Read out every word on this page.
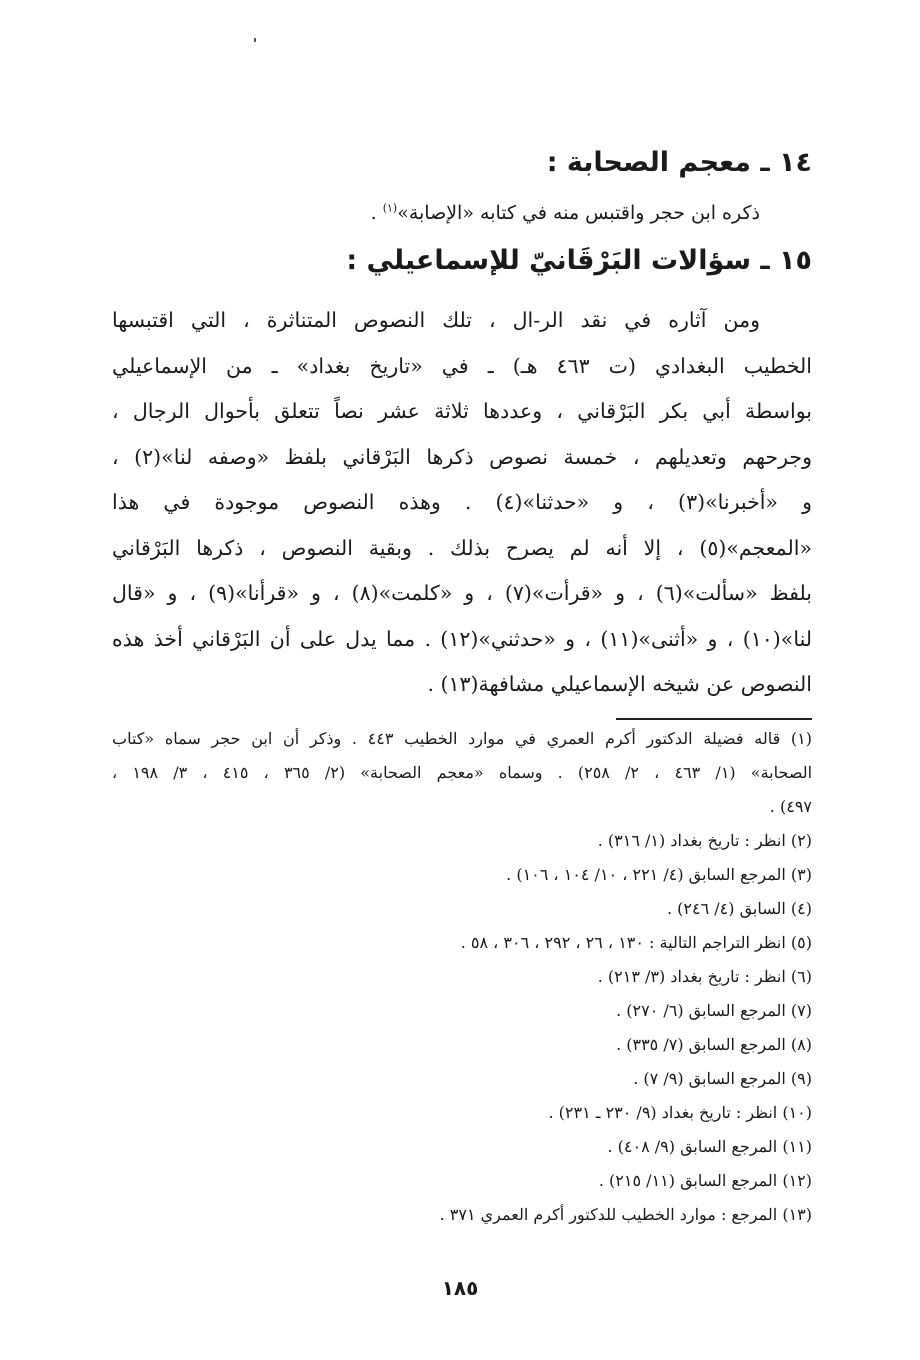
١٤ ـ معجم الصحابة :
ذكره ابن حجر واقتبس منه في كتابه «الإصابة»$^{(١)}$ .
١٥ ـ سؤالات البَرْقَانيّ للإسماعيلي :
ومن آثاره في نقد الر-ال ، تلك النصوص المتناثرة ، التي اقتبسها
الخطيب البغدادي (ت ٤٦٣ هـ) ـ في «تاريخ بغداد» ـ من الإسماعيلي
بواسطة أبي بكر البَرْقاني ، وعددها ثلاثة عشر نصاً تتعلق بأحوال الرجال ،
وجرحهم وتعديلهم ، خمسة نصوص ذكرها البَرْقاني بلفظ «وصفه لنا»(٢) ،
و «أخبرنا»(٣) ، و «حدثنا»(٤) . وهذه النصوص موجودة في هذا
«المعجم»(٥) ، إلا أنه لم يصرح بذلك . وبقية النصوص ، ذكرها البَرْقاني
بلفظ «سألت»(٦) ، و «قرأت»(٧) ، و «كلمت»(٨) ، و «قرأنا»(٩) ، و «قال
لنا»(١٠) ، و «أثنى»(١١) ، و «حدثني»(١٢) . مما يدل على أن البَرْقاني أخذ هذه
النصوص عن شيخه الإسماعيلي مشافهة(١٣) .
(١) قاله فضيلة الدكتور أكرم العمري في موارد الخطيب ٤٤٣ . وذكر أن ابن حجر سماه «كتاب
الصحابة» (١/ ٤٦٣ ، ٢/ ٢٥٨) . وسماه «معجم الصحابة» (٢/ ٣٦٥ ، ٤١٥ ، ٣/ ١٩٨ ،
٤٩٧) .
(٢) انظر : تاريخ بغداد (١/ ٣١٦) .
(٣) المرجع السابق (٤/ ٢٢١ ، ١٠/ ١٠٤ ، ١٠٦) .
(٤) السابق (٤/ ٢٤٦) .
(٥) انظر التراجم التالية : ١٣٠ ، ٢٦ ، ٢٩٢ ، ٣٠٦ ، ٥٨ .
(٦) انظر : تاريخ بغداد (٣/ ٢١٣) .
(٧) المرجع السابق (٦/ ٢٧٠) .
(٨) المرجع السابق (٧/ ٣٣٥) .
(٩) المرجع السابق (٩/ ٧) .
(١٠) انظر : تاريخ بغداد (٩/ ٢٣٠ ـ ٢٣١) .
(١١) المرجع السابق (٩/ ٤٠٨) .
(١٢) المرجع السابق (١١/ ٢١٥) .
(١٣) المرجع : موارد الخطيب للدكتور أكرم العمري ٣٧١ .
١٨٥
